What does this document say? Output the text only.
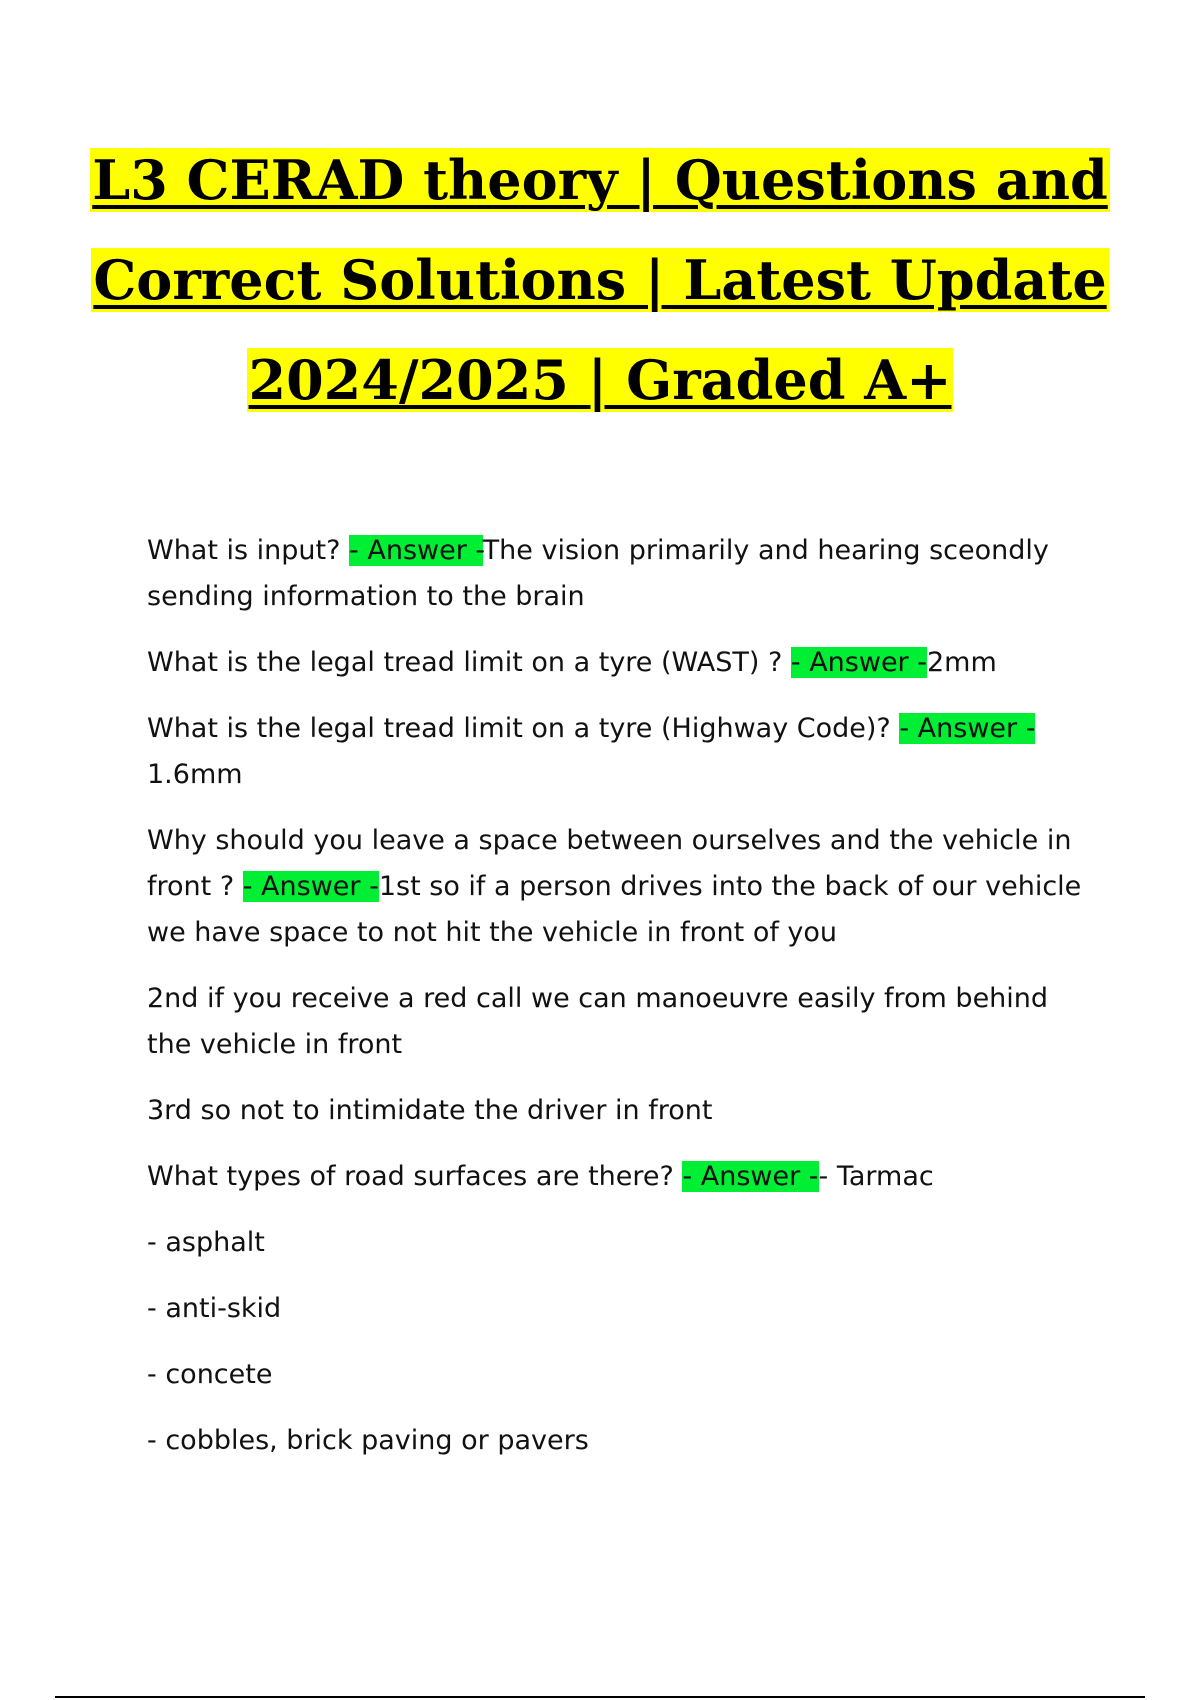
L3 CERAD theory | Questions and
Correct Solutions | Latest Update
2024/2025 | Graded A+

What is input? - Answer -The vision primarily and hearing sceondly sending information to the brain

What is the legal tread limit on a tyre (WAST) ? - Answer -2mm

What is the legal tread limit on a tyre (Highway Code)? - Answer - 1.6mm

Why should you leave a space between ourselves and the vehicle in front ? - Answer -1st so if a person drives into the back of our vehicle we have space to not hit the vehicle in front of you

2nd if you receive a red call we can manoeuvre easily from behind the vehicle in front

3rd so not to intimidate the driver in front

What types of road surfaces are there? - Answer -- Tarmac

- asphalt

- anti-skid

- concete

- cobbles, brick paving or pavers
